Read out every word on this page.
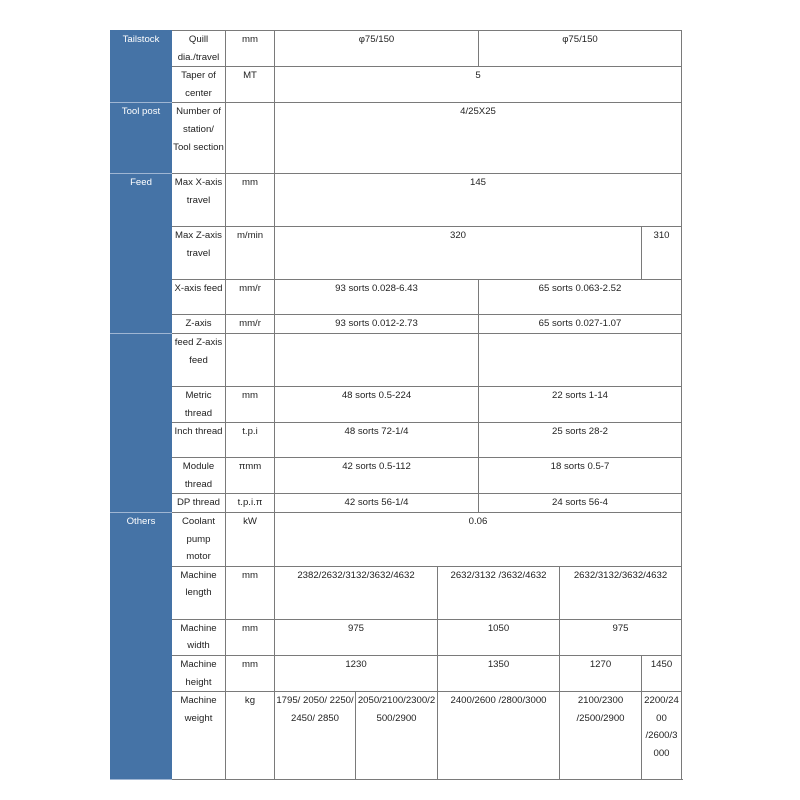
Tailstock	Quill dia./travel	mm	φ75/150			φ75/150		
	Taper of center	MT	5					
Tool post	Number of station/ Tool section		4/25X25					
Feed	Max X-axis travel	mm	145					
	Max Z-axis travel	m/min	320					310
	X-axis feed	mm/r	93 sorts 0.028-6.43			65 sorts 0.063-2.52		
	Z-axis	mm/r	93 sorts 0.012-2.73			65 sorts 0.027-1.07		
	feed Z-axis feed							
	Metric thread	mm	48 sorts 0.5-224			22 sorts 1-14		
	Inch thread	t.p.i	48 sorts 72-1/4			25 sorts 28-2		
	Module thread	πmm	42 sorts 0.5-112			18 sorts 0.5-7		
	DP thread	t.p.i.π	42 sorts 56-1/4			24 sorts 56-4		
Others	Coolant pump motor	kW	0.06					
	Machine length	mm	2382/2632/3132/3632/4632		2632/3132 /3632/4632		2632/3132/3632/4632	
	Machine width	mm	975		1050		975	
	Machine height	mm	1230		1350		1270	1450
	Machine weight	kg	1795/ 2050/ 2250/ 2450/ 2850	2050/2100/2300/2500/2900	2400/2600 /2800/3000		2100/2300 /2500/2900	2200/2400 /2600/3000
